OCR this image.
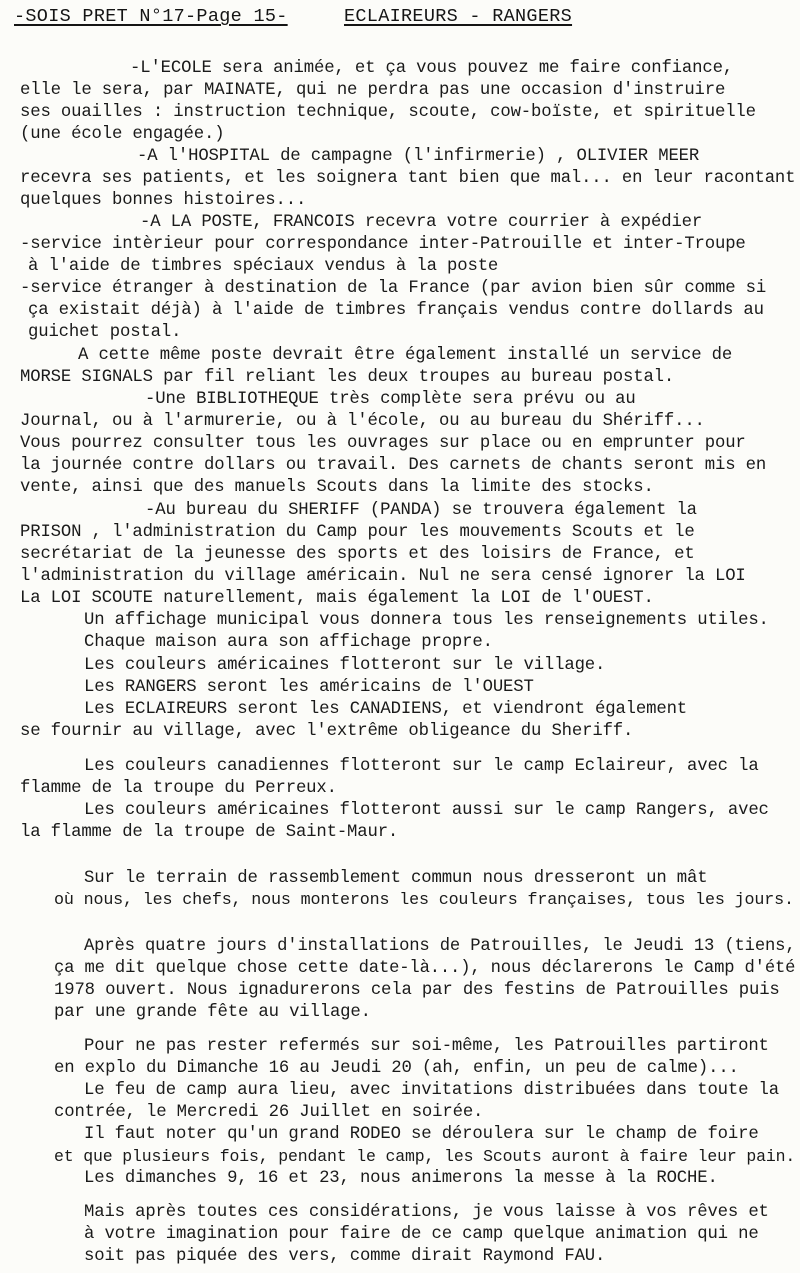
-SOIS PRET N°17-Page 15-	ECLAIREURS - RANGERS
-L'ECOLE sera animée, et ça vous pouvez me faire confiance,
elle le sera, par MAINATE, qui ne perdra pas une occasion d'instruire
ses ouailles : instruction technique, scoute, cow-boïste, et spirituelle
(une école engagée.)
-A l'HOSPITAL de campagne (l'infirmerie) , OLIVIER MEER
recevra ses patients, et les soignera tant bien que mal... en leur racontant
quelques bonnes histoires...
-A LA POSTE, FRANCOIS recevra votre courrier à expédier
-service intèrieur pour correspondance inter-Patrouille et inter-Troupe
à l'aide de timbres spéciaux vendus à la poste
-service étranger à destination de la France (par avion bien sûr comme si
ça existait déjà) à l'aide de timbres français vendus contre dollards au
guichet postal.
A cette même poste devrait être également installé un service de
MORSE SIGNALS par fil reliant les deux troupes au bureau postal.
-Une BIBLIOTHEQUE très complète sera prévu ou au
Journal, ou à l'armurerie, ou à l'école, ou au bureau du Shériff...
Vous pourrez consulter tous les ouvrages sur place ou en emprunter pour
la journée contre dollars ou travail. Des carnets de chants seront mis en
vente, ainsi que des manuels Scouts dans la limite des stocks.
-Au bureau du SHERIFF (PANDA) se trouvera également la
PRISON , l'administration du Camp pour les mouvements Scouts et le
secrétariat de la jeunesse des sports et des loisirs de France, et
l'administration du village américain. Nul ne sera censé ignorer la LOI
La LOI SCOUTE naturellement, mais également la LOI de l'OUEST.
Un affichage municipal vous donnera tous les renseignements utiles.
Chaque maison aura son affichage propre.
Les couleurs américaines flotteront sur le village.
Les RANGERS seront les américains de l'OUEST
Les ECLAIREURS seront les CANADIENS, et viendront également
se fournir au village, avec l'extrême obligeance du Sheriff.
Les couleurs canadiennes flotteront sur le camp Eclaireur, avec la
flamme de la troupe du Perreux.
Les couleurs américaines flotteront aussi sur le camp Rangers, avec
la flamme de la troupe de Saint-Maur.
Sur le terrain de rassemblement commun nous dresseront un mât
où nous, les chefs, nous monterons les couleurs françaises, tous les jours.
Après quatre jours d'installations de Patrouilles, le Jeudi 13 (tiens,
ça me dit quelque chose cette date-là...), nous déclarerons le Camp d'été
1978 ouvert. Nous ignadurerons cela par des festins de Patrouilles puis
par une grande fête au village.
Pour ne pas rester refermés sur soi-même, les Patrouilles partiront
en explo du Dimanche 16 au Jeudi 20 (ah, enfin, un peu de calme)...
Le feu de camp aura lieu, avec invitations distribuées dans toute la
contrée, le Mercredi 26 Juillet en soirée.
Il faut noter qu'un grand RODEO se déroulera sur le champ de foire
et que plusieurs fois, pendant le camp, les Scouts auront à faire leur pain.
Les dimanches 9, 16 et 23, nous animerons la messe à la ROCHE.
Mais après toutes ces considérations, je vous laisse à vos rêves et
à votre imagination pour faire de ce camp quelque animation qui ne
soit pas piquée des vers, comme dirait Raymond FAU.
